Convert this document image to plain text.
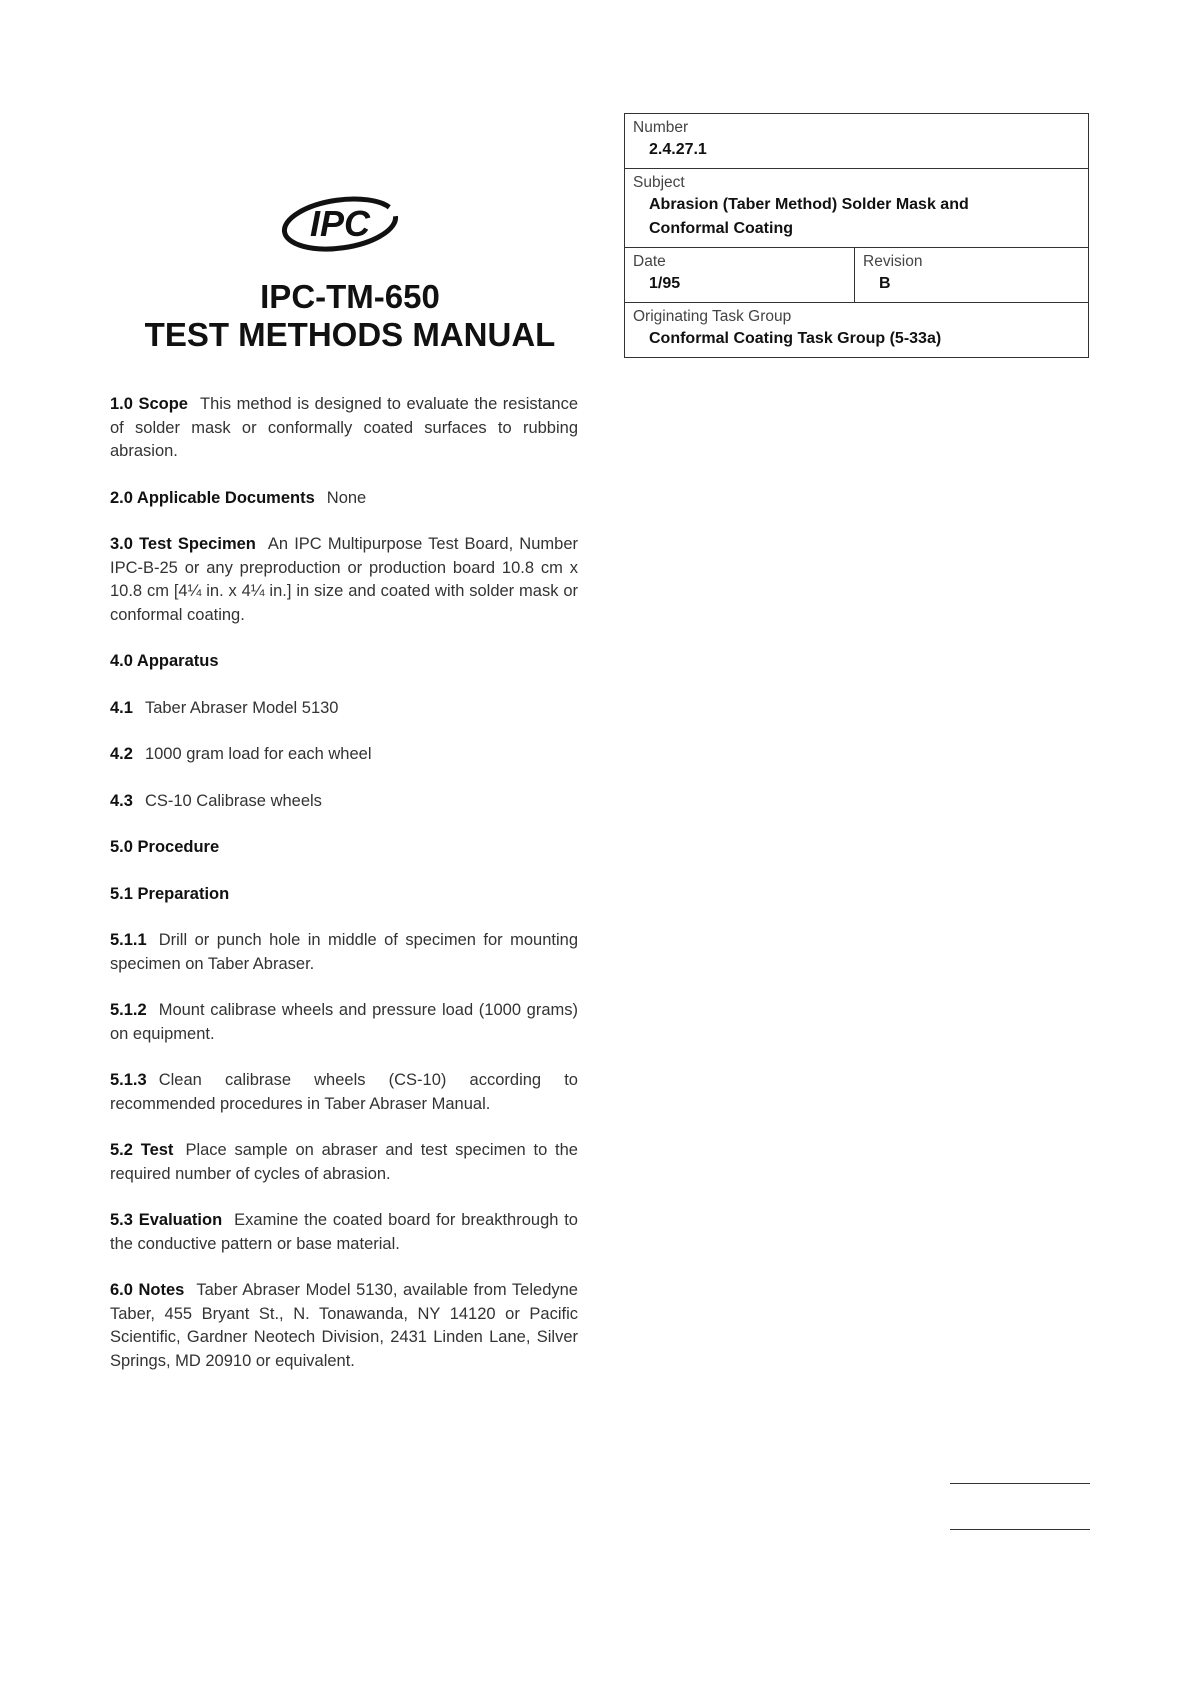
IPC
IPC-TM-650
TEST METHODS MANUAL
Number
2.4.27.1
Subject
Abrasion (Taber Method) Solder Mask and
Conformal Coating
Date
1/95
Revision
B
Originating Task Group
Conformal Coating Task Group (5-33a)

1.0 Scope This method is designed to evaluate the resistance of solder mask or conformally coated surfaces to rubbing abrasion.

2.0 Applicable Documents None

3.0 Test Specimen An IPC Multipurpose Test Board, Number IPC-B-25 or any preproduction or production board 10.8 cm x 10.8 cm [4¼ in. x 4¼ in.] in size and coated with solder mask or conformal coating.

4.0 Apparatus

4.1 Taber Abraser Model 5130

4.2 1000 gram load for each wheel

4.3 CS-10 Calibrase wheels

5.0 Procedure

5.1 Preparation

5.1.1 Drill or punch hole in middle of specimen for mounting specimen on Taber Abraser.

5.1.2 Mount calibrase wheels and pressure load (1000 grams) on equipment.

5.1.3 Clean calibrase wheels (CS-10) according to recommended procedures in Taber Abraser Manual.

5.2 Test Place sample on abraser and test specimen to the required number of cycles of abrasion.

5.3 Evaluation Examine the coated board for breakthrough to the conductive pattern or base material.

6.0 Notes Taber Abraser Model 5130, available from Teledyne Taber, 455 Bryant St., N. Tonawanda, NY 14120 or Pacific Scientific, Gardner Neotech Division, 2431 Linden Lane, Silver Springs, MD 20910 or equivalent.
